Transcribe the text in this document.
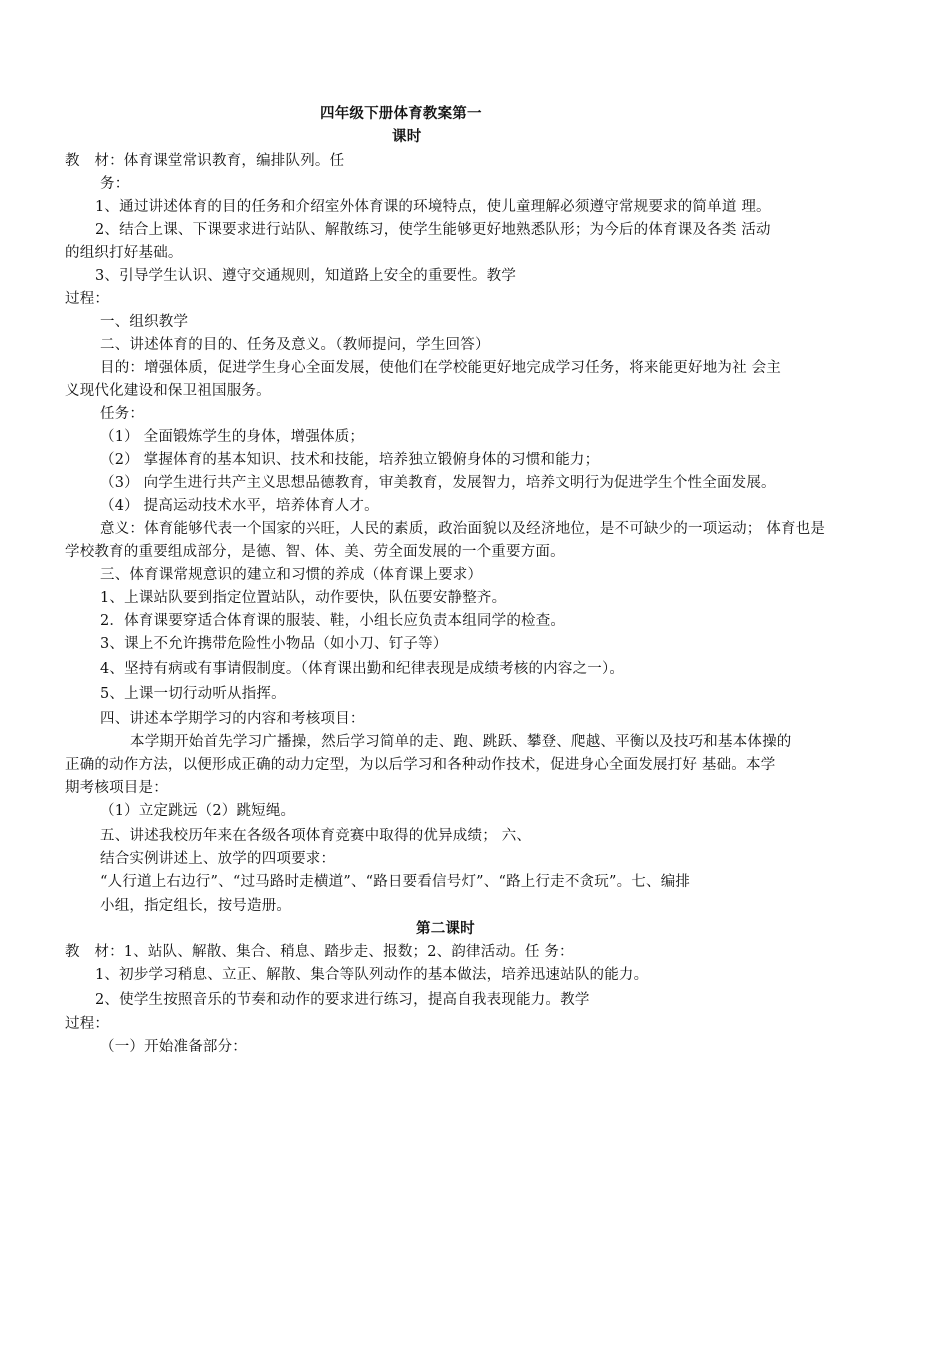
四年级下册体育教案第一
课时
教　材：体育课堂常识教育，编排队列。任
务：
1、通过讲述体育的目的任务和介绍室外体育课的环境特点，使儿童理解必须遵守常规要求的简单道 理。
2、结合上课、下课要求进行站队、解散练习，使学生能够更好地熟悉队形；为今后的体育课及各类 活动
的组织打好基础。
3、引导学生认识、遵守交通规则，知道路上安全的重要性。教学
过程：
一、组织教学
二、讲述体育的目的、任务及意义。（教师提问，学生回答）
目的：增强体质，促进学生身心全面发展，使他们在学校能更好地完成学习任务，将来能更好地为社 会主
义现代化建设和保卫祖国服务。
任务：
（1） 全面锻炼学生的身体，增强体质；
（2） 掌握体育的基本知识、技术和技能，培养独立锻俯身体的习惯和能力；
（3） 向学生进行共产主义思想品德教育，审美教育，发展智力，培养文明行为促进学生个性全面发展。
（4） 提高运动技术水平，培养体育人才。
意义：体育能够代表一个国家的兴旺，人民的素质，政治面貌以及经济地位，是不可缺少的一项运动； 体育也是
学校教育的重要组成部分，是德、智、体、美、劳全面发展的一个重要方面。
三、体育课常规意识的建立和习惯的养成（体育课上要求）
1、上课站队要到指定位置站队，动作要快，队伍要安静整齐。
2．体育课要穿适合体育课的服装、鞋，小组长应负责本组同学的检查。
3、课上不允许携带危险性小物品（如小刀、钉子等）
4、坚持有病或有事请假制度。（体育课出勤和纪律表现是成绩考核的内容之一）。
5、上课一切行动听从指挥。
四、讲述本学期学习的内容和考核项目：
本学期开始首先学习广播操，然后学习简单的走、跑、跳跃、攀登、爬越、平衡以及技巧和基本体操的
正确的动作方法，以便形成正确的动力定型，为以后学习和各种动作技术，促进身心全面发展打好 基础。本学
期考核项目是：
（1）立定跳远（2）跳短绳。
五、讲述我校历年来在各级各项体育竞赛中取得的优异成绩； 六、
结合实例讲述上、放学的四项要求：
“人行道上右边行”、“过马路时走横道”、“路日要看信号灯”、“路上行走不贪玩”。七、编排
小组，指定组长，按号造册。
第二课时
教　材：1、站队、解散、集合、稍息、踏步走、报数；2、韵律活动。任 务：
1、初步学习稍息、立正、解散、集合等队列动作的基本做法，培养迅速站队的能力。
2、使学生按照音乐的节奏和动作的要求进行练习，提高自我表现能力。教学
过程：
（一）开始准备部分：
